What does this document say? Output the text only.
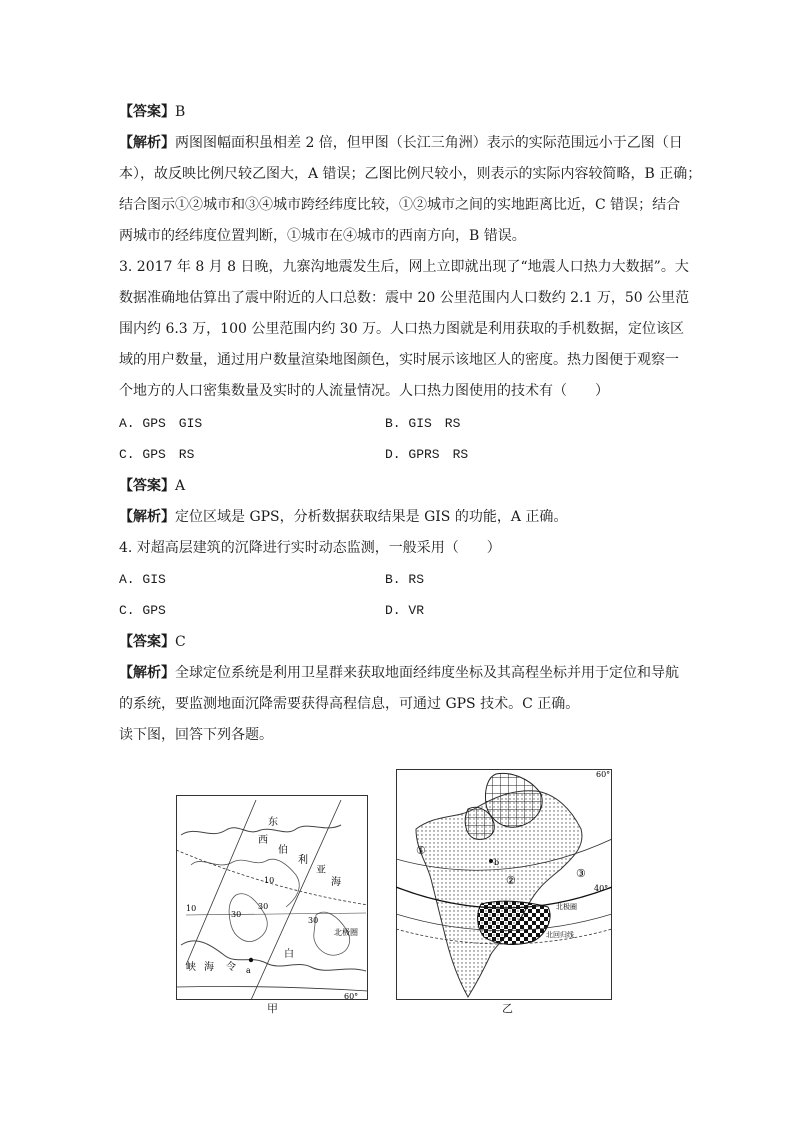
【答案】B
【解析】两图图幅面积虽相差 2 倍，但甲图（长江三角洲）表示的实际范围远小于乙图（日
本），故反映比例尺较乙图大，A 错误；乙图比例尺较小，则表示的实际内容较简略，B 正确；
结合图示①②城市和③④城市跨经纬度比较，①②城市之间的实地距离比近，C 错误；结合
两城市的经纬度位置判断，①城市在④城市的西南方向，B 错误。
3. 2017 年 8 月 8 日晚，九寨沟地震发生后，网上立即就出现了“地震人口热力大数据”。大
数据准确地估算出了震中附近的人口总数：震中 20 公里范围内人口数约 2.1 万，50 公里范
围内约 6.3 万，100 公里范围内约 30 万。人口热力图就是利用获取的手机数据，定位该区
域的用户数量，通过用户数量渲染地图颜色，实时展示该地区人的密度。热力图便于观察一
个地方的人口密集数量及实时的人流量情况。人口热力图使用的技术有（　　）
A. GPS　GIS	B. GIS　RS
C. GPS　RS	D. GPRS　RS
【答案】A
【解析】定位区域是 GPS，分析数据获取结果是 GIS 的功能，A 正确。
4. 对超高层建筑的沉降进行实时动态监测，一般采用（　　）
A. GIS	B. RS
C. GPS	D. VR
【答案】C
【解析】全球定位系统是利用卫星群来获取地面经纬度坐标及其高程坐标并用于定位和导航
的系统，要监测地面沉降需要获得高程信息，可通过 GPS 技术。C 正确。
读下图，回答下列各题。
东
西
伯
利
亚
海
峡 海 令
白
10
30
10
30
30
a
北极圈
60°
甲
60°
40°
北回归线
北极圈
①
②
③
b
乙
